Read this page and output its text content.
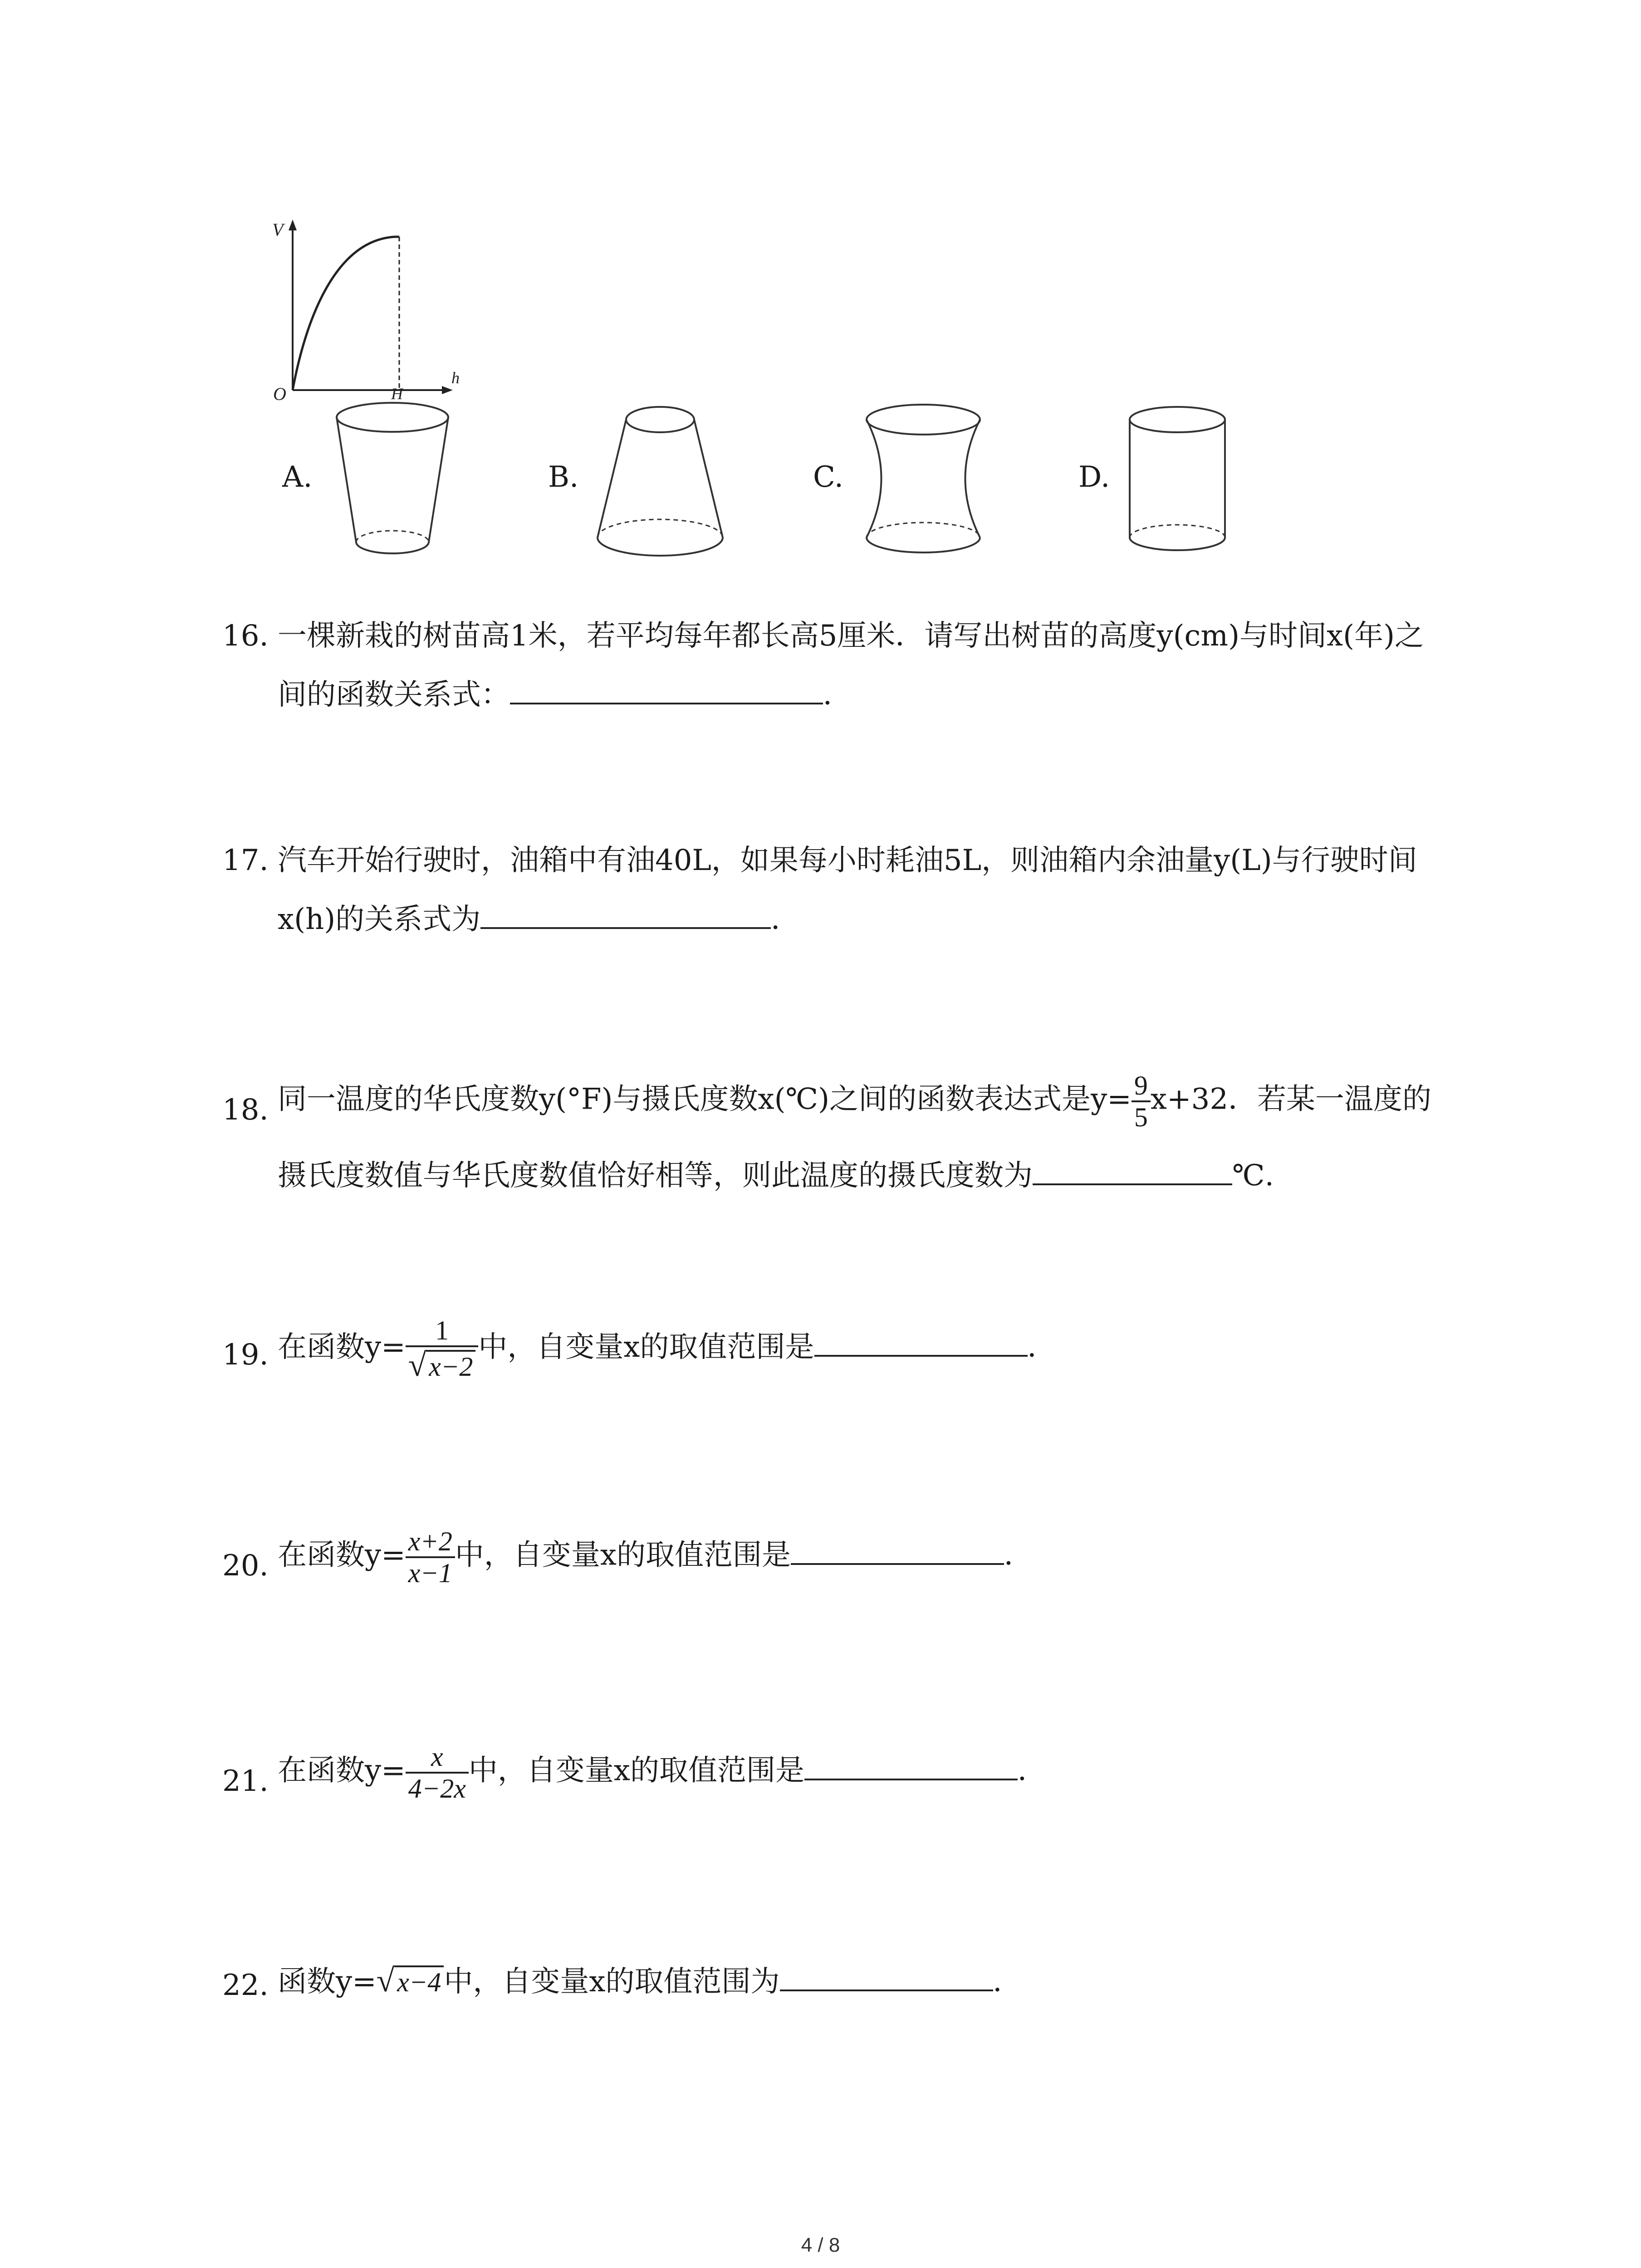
V
h
O	H
A.	B.	C.	D.
16. 一棵新栽的树苗高1米，若平均每年都长高5厘米．请写出树苗的高度y(cm)与时间x(年)之
间的函数关系式：	．
17. 汽车开始行驶时，油箱中有油40L，如果每小时耗油5L，则油箱内余油量y(L)与行驶时间
x(h)的关系式为	．
18. 同一温度的华氏度数y(°F)与摄氏度数x(℃)之间的函数表达式是$y= \frac{9}{5} x+32$．若某一温度的
摄氏度数值与华氏度数值恰好相等，则此温度的摄氏度数为	℃.
19. 在函数$y= \frac{1}{√ x-2}$ 中，自变量x的取值范围是	．
20. 在函数$y= \frac{x+2}{x-1}$ 中，自变量x的取值范围是	．
21. 在函数$y= \frac{x}{4-2x}$ 中，自变量x的取值范围是	．
22. 函数y=√ x−4中，自变量x的取值范围为	．
4 / 8
